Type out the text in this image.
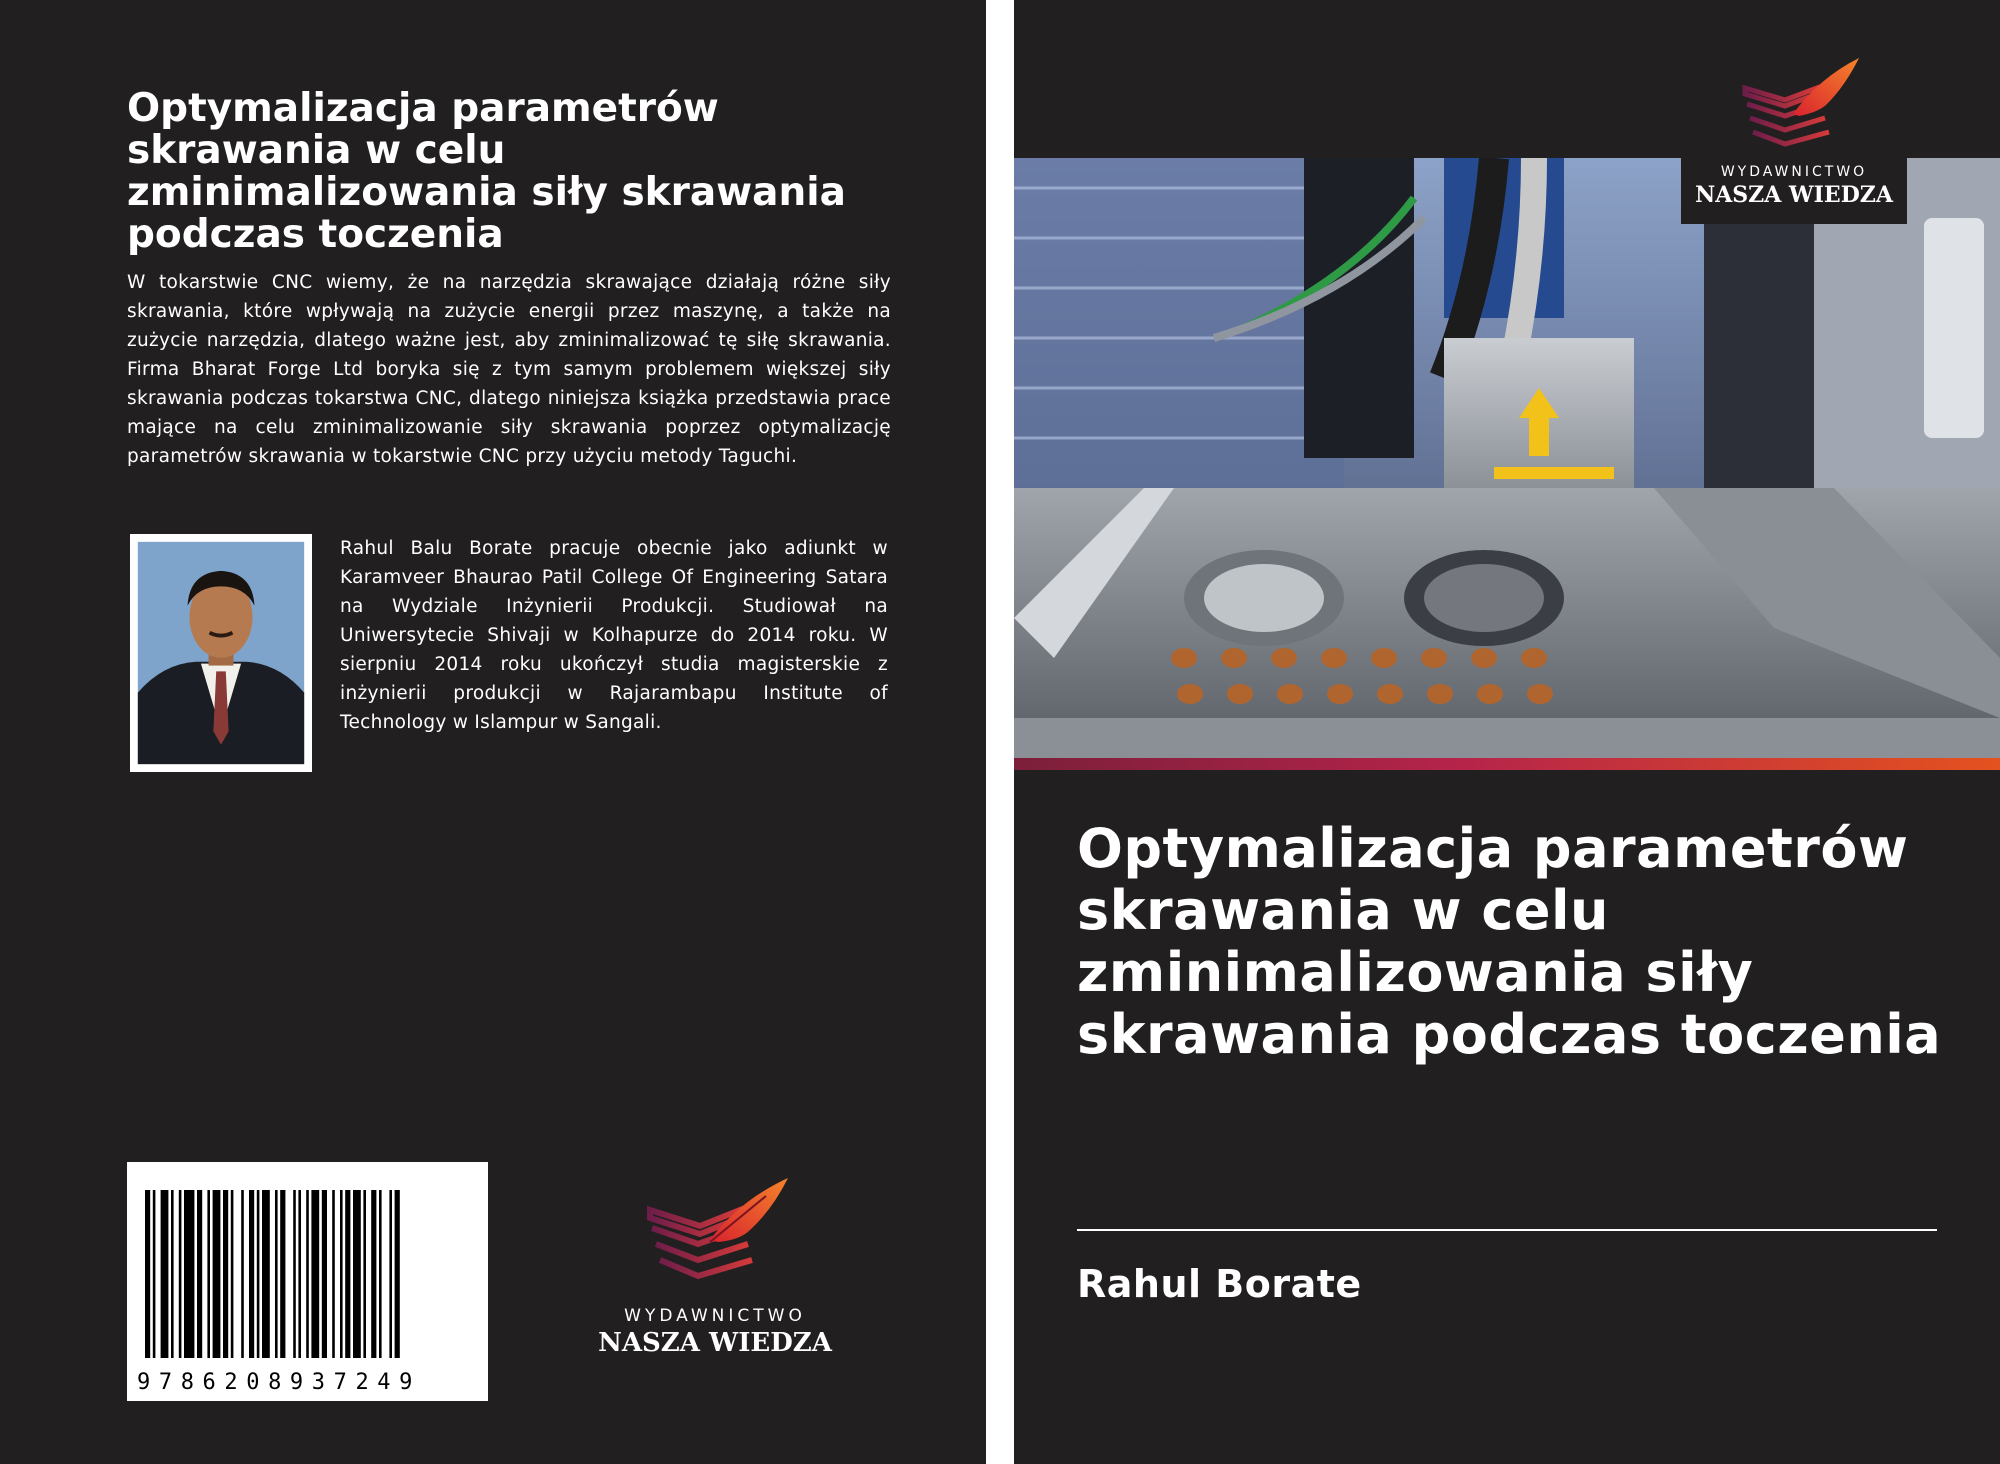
Optymalizacja parametrów skrawania w celu zminimalizowania siły skrawania podczas toczenia

W tokarstwie CNC wiemy, że na narzędzia skrawające działają różne siły skrawania, które wpływają na zużycie energii przez maszynę, a także na zużycie narzędzia, dlatego ważne jest, aby zminimalizować tę siłę skrawania. Firma Bharat Forge Ltd boryka się z tym samym problemem większej siły skrawania podczas tokarstwa CNC, dlatego niniejsza książka przedstawia prace mające na celu zminimalizowanie siły skrawania poprzez optymalizację parametrów skrawania w tokarstwie CNC przy użyciu metody Taguchi.

Rahul Balu Borate pracuje obecnie jako adiunkt w Karamveer Bhaurao Patil College Of Engineering Satara na Wydziale Inżynierii Produkcji. Studiował na Uniwersytecie Shivaji w Kolhapurze do 2014 roku. W sierpniu 2014 roku ukończył studia magisterskie z inżynierii produkcji w Rajarambapu Institute of Technology w Islampur w Sangali.

9786208937249
WYDAWNICTWO
NASZA WIEDZA
WYDAWNICTWO
NASZA WIEDZA
Optymalizacja parametrów skrawania w celu zminimalizowania siły skrawania podczas toczenia

Rahul Borate
